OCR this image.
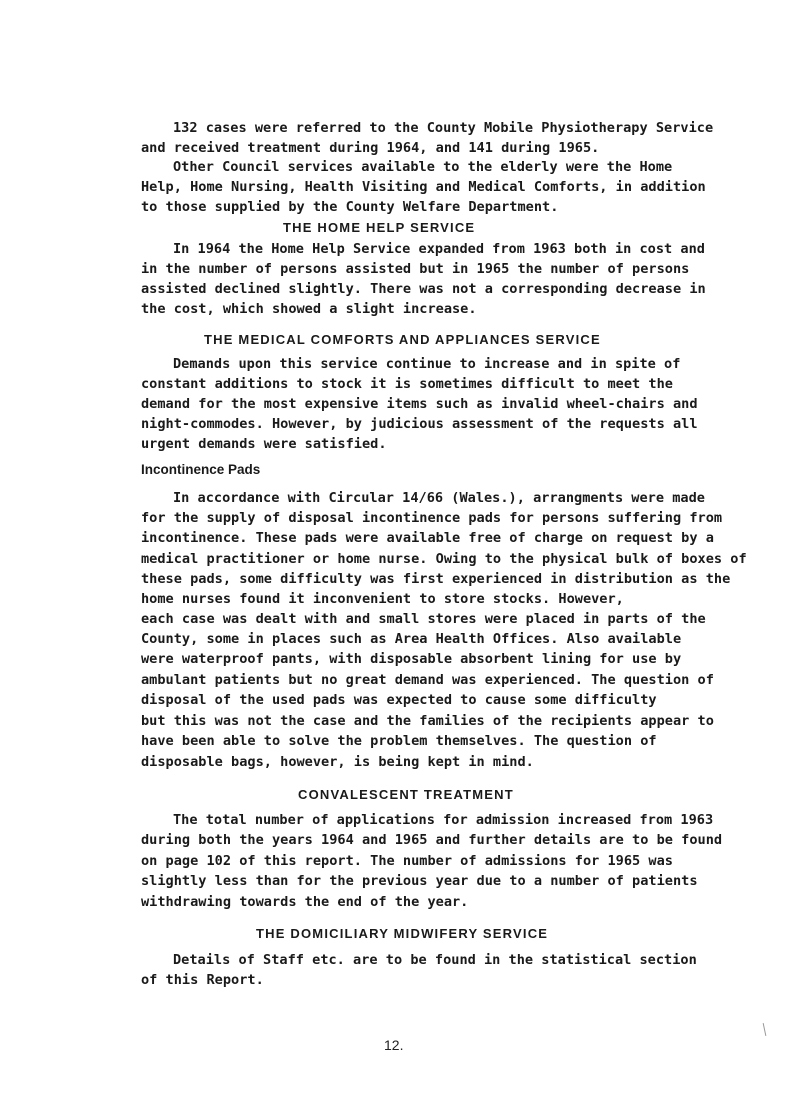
132 cases were referred to the County Mobile Physiotherapy Service
and received treatment during 1964, and 141 during 1965.
Other Council services available to the elderly were the Home
Help, Home Nursing, Health Visiting and Medical Comforts, in addition
to those supplied by the County Welfare Department.
THE HOME HELP SERVICE
In 1964 the Home Help Service expanded from 1963 both in cost and
in the number of persons assisted but in 1965 the number of persons
assisted declined slightly. There was not a corresponding decrease in
the cost, which showed a slight increase.
THE MEDICAL COMFORTS AND APPLIANCES SERVICE
Demands upon this service continue to increase and in spite of
constant additions to stock it is sometimes difficult to meet the
demand for the most expensive items such as invalid wheel-chairs and
night-commodes. However, by judicious assessment of the requests all
urgent demands were satisfied.
Incontinence Pads
In accordance with Circular 14/66 (Wales.), arrangments were made
for the supply of disposal incontinence pads for persons suffering from
incontinence. These pads were available free of charge on request by a
medical practitioner or home nurse. Owing to the physical bulk of boxes of
these pads, some difficulty was first experienced in distribution as the
home nurses found it inconvenient to store stocks. However,
each case was dealt with and small stores were placed in parts of the
County, some in places such as Area Health Offices. Also available
were waterproof pants, with disposable absorbent lining for use by
ambulant patients but no great demand was experienced. The question of
disposal of the used pads was expected to cause some difficulty
but this was not the case and the families of the recipients appear to
have been able to solve the problem themselves. The question of
disposable bags, however, is being kept in mind.
CONVALESCENT TREATMENT
The total number of applications for admission increased from 1963
during both the years 1964 and 1965 and further details are to be found
on page 102 of this report. The number of admissions for 1965 was
slightly less than for the previous year due to a number of patients
withdrawing towards the end of the year.
THE DOMICILIARY MIDWIFERY SERVICE
Details of Staff etc. are to be found in the statistical section
of this Report.
12.
